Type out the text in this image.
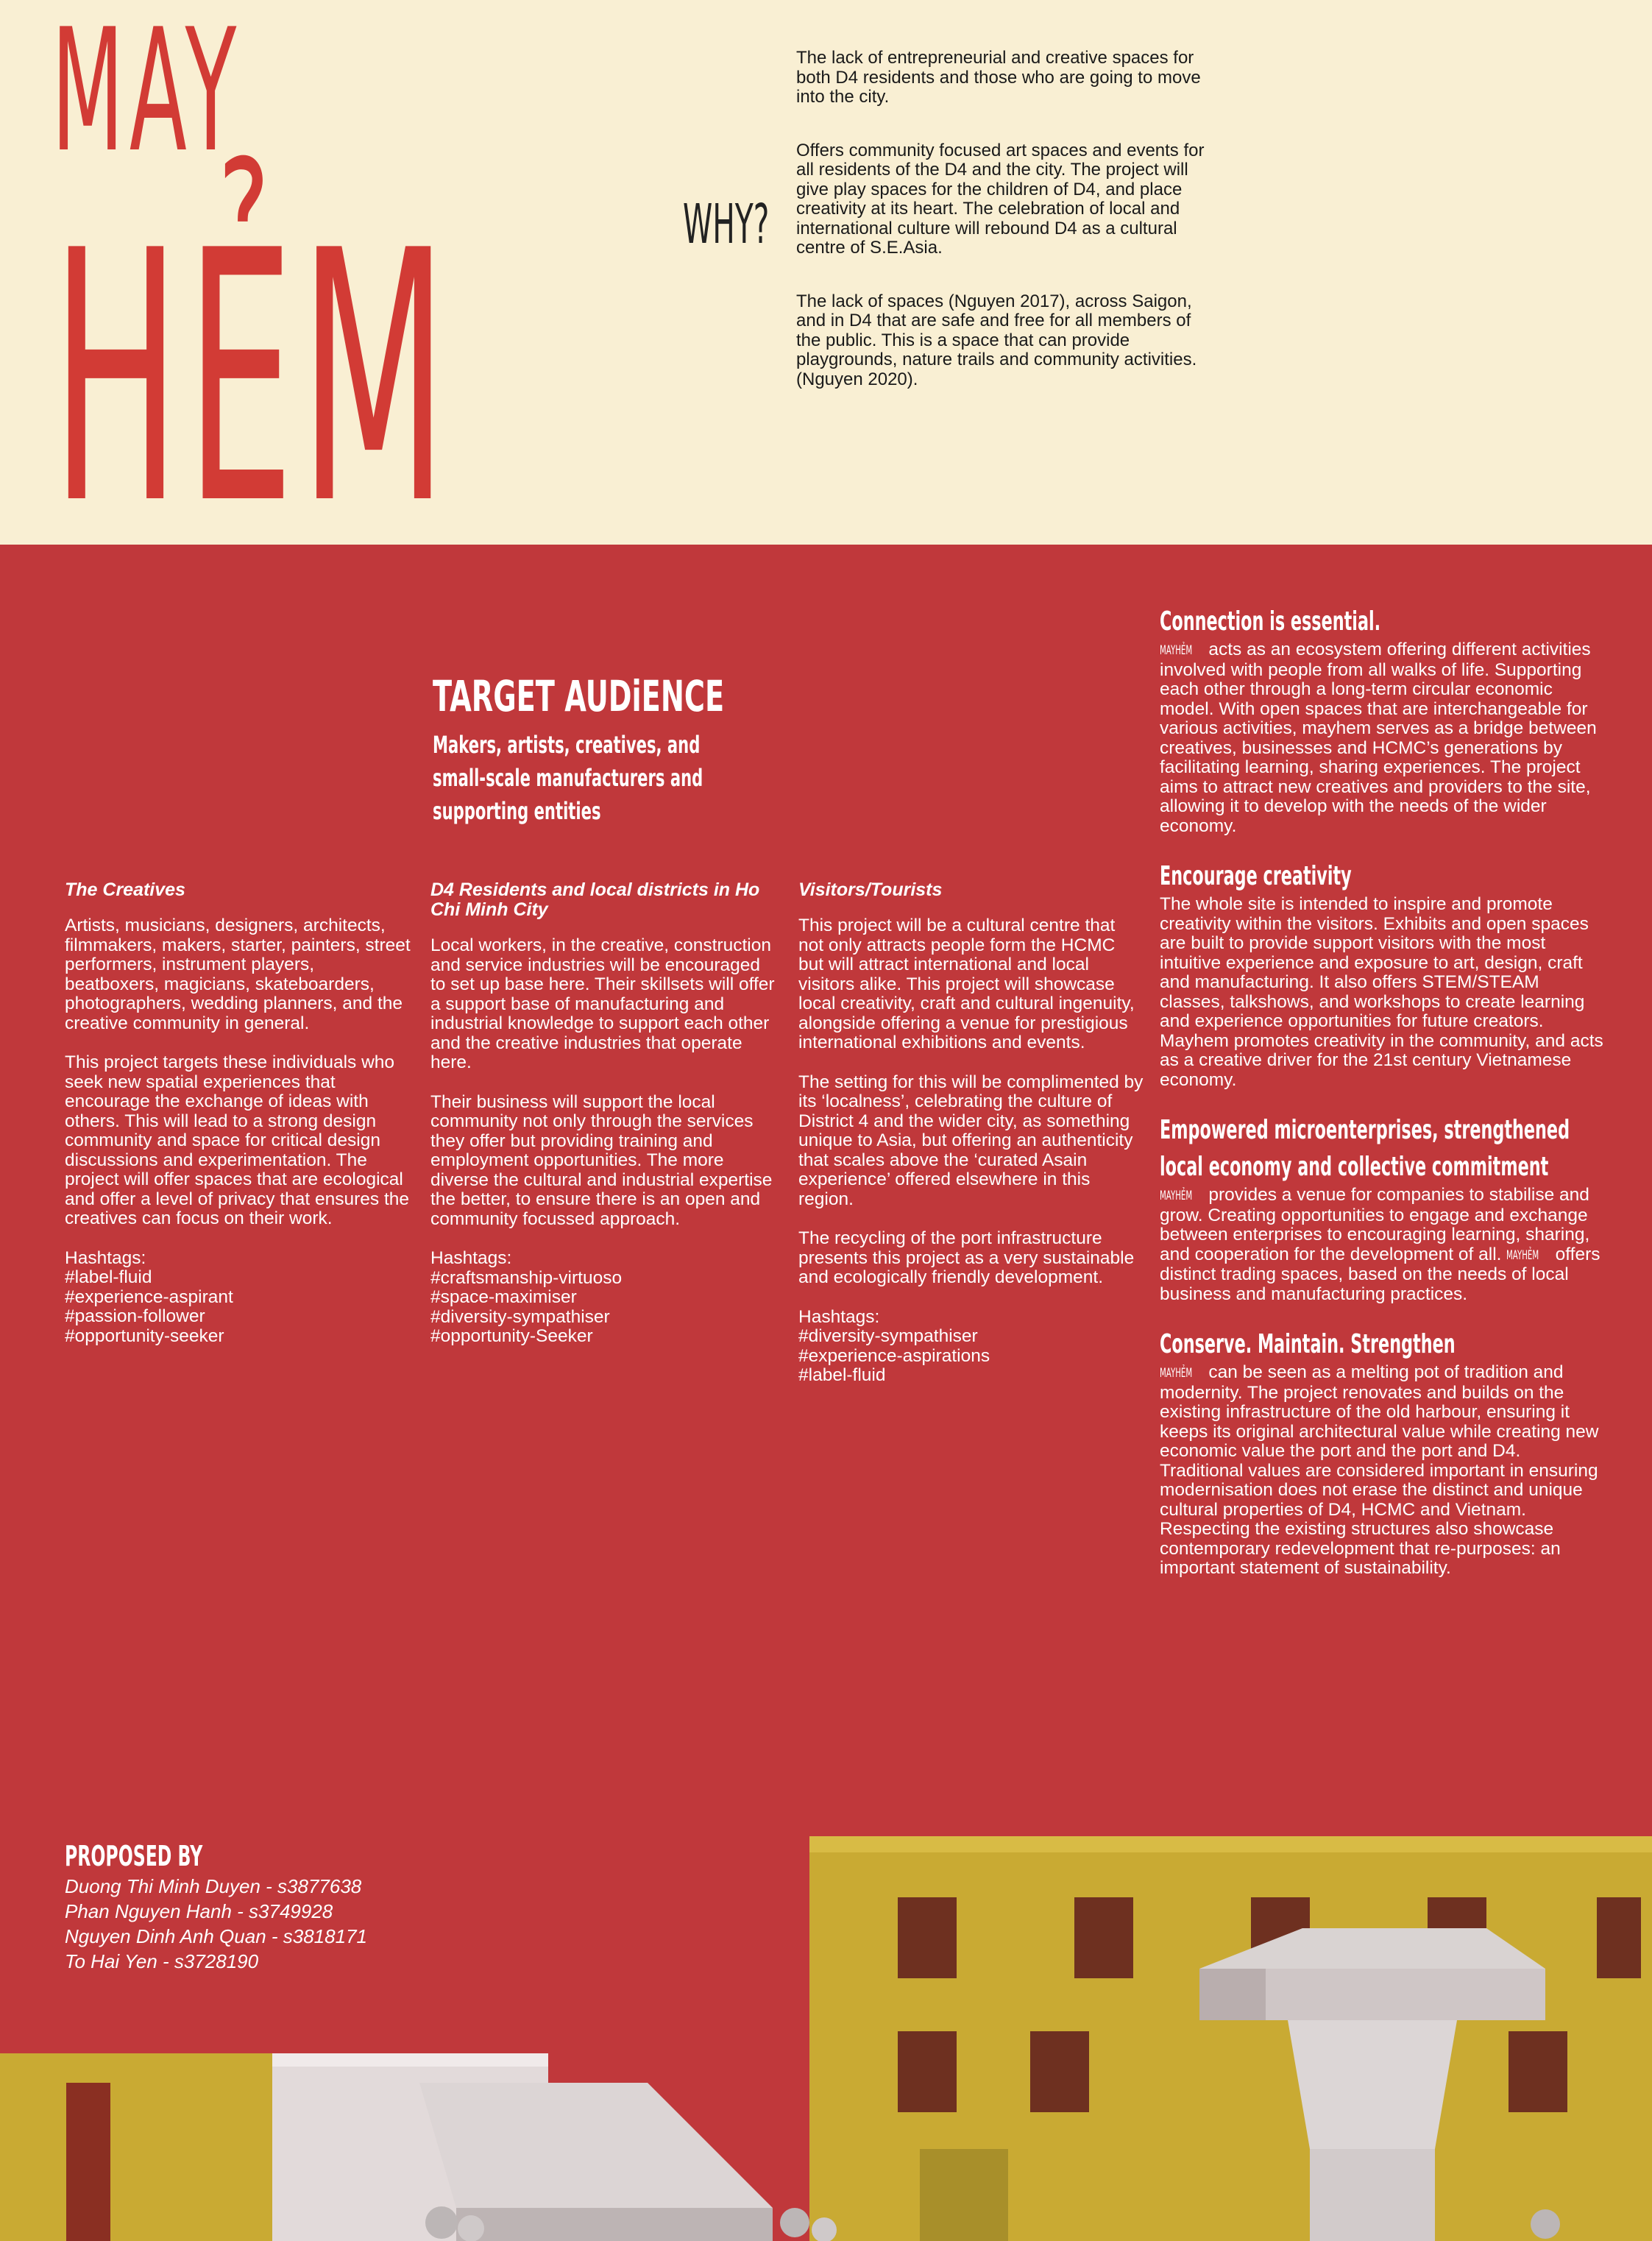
MAY
HẺM	WHY?

The lack of entrepreneurial and creative spaces for both D4 residents and those who are going to move into the city.

Offers community focused art spaces and events for all residents of the D4 and the city. The project will give play spaces for the children of D4, and place creativity at its heart. The celebration of local and international culture will rebound D4 as a cultural centre of S.E.Asia.

The lack of spaces (Nguyen 2017), across Saigon, and in D4 that are safe and free for all members of the public. This is a space that can provide playgrounds, nature trails and community activities. (Nguyen 2020).

TARGET AUDiENCE
Makers, artists, creatives, and
small-scale manufacturers and
supporting entities
The Creatives

Artists, musicians, designers, architects, filmmakers, makers, starter, painters, street performers, instrument players, beatboxers, magicians, skateboarders, photographers, wedding planners, and the creative community in general.

This project targets these individuals who seek new spatial experiences that encourage the exchange of ideas with others. This will lead to a strong design community and space for critical design discussions and experimentation. The project will offer spaces that are ecological and offer a level of privacy that ensures the creatives can focus on their work.

Hashtags:
#label-fluid
#experience-aspirant
#passion-follower
#opportunity-seeker
D4 Residents and local districts in Ho Chi Minh City

Local workers, in the creative, construction and service industries will be encouraged to set up base here. Their skillsets will offer a support base of manufacturing and industrial knowledge to support each other and the creative industries that operate here.

Their business will support the local community not only through the services they offer but providing training and employment opportunities. The more diverse the cultural and industrial expertise the better, to ensure there is an open and community focussed approach.

Hashtags:
#craftsmanship-virtuoso
#space-maximiser
#diversity-sympathiser
#opportunity-Seeker
Visitors/Tourists

This project will be a cultural centre that not only attracts people form the HCMC but will attract international and local visitors alike. This project will showcase local creativity, craft and cultural ingenuity, alongside offering a venue for prestigious international exhibitions and events.

The setting for this will be complimented by its ‘localness’, celebrating the culture of District 4 and the wider city, as something unique to Asia, but offering an authenticity that scales above the ‘curated Asain experience’ offered elsewhere in this region.

The recycling of the port infrastructure presents this project as a very sustainable and ecologically friendly development.

Hashtags:
#diversity-sympathiser
#experience-aspirations
#label-fluid
Connection is essential.

MAYHẺM acts as an ecosystem offering different activities involved with people from all walks of life. Supporting each other through a long-term circular economic model. With open spaces that are interchangeable for various activities, mayhem serves as a bridge between creatives, businesses and HCMC’s generations by facilitating learning, sharing experiences. The project aims to attract new creatives and providers to the site, allowing it to develop with the needs of the wider economy.

Encourage creativity

The whole site is intended to inspire and promote creativity within the visitors. Exhibits and open spaces are built to provide support visitors with the most intuitive experience and exposure to art, design, craft and manufacturing. It also offers STEM/STEAM classes, talkshows, and workshops to create learning and experience opportunities for future creators. Mayhem promotes creativity in the community, and acts as a creative driver for the 21st century Vietnamese economy.

Empowered microenterprises, strengthened
local economy and collective commitment

MAYHẺM provides a venue for companies to stabilise and grow. Creating opportunities to engage and exchange between enterprises to encouraging learning, sharing, and cooperation for the development of all. MAYHẺM offers distinct trading spaces, based on the needs of local business and manufacturing practices.

Conserve. Maintain. Strengthen

MAYHẺM can be seen as a melting pot of tradition and modernity. The project renovates and builds on the existing infrastructure of the old harbour, ensuring it keeps its original architectural value while creating new economic value the port and the port and D4. Traditional values are considered important in ensuring modernisation does not erase the distinct and unique cultural properties of D4, HCMC and Vietnam. Respecting the existing structures also showcase contemporary redevelopment that re-purposes: an important statement of sustainability.

PROPOSED BY
Duong Thi Minh Duyen - s3877638
Phan Nguyen Hanh - s3749928
Nguyen Dinh Anh Quan - s3818171
To Hai Yen - s3728190
